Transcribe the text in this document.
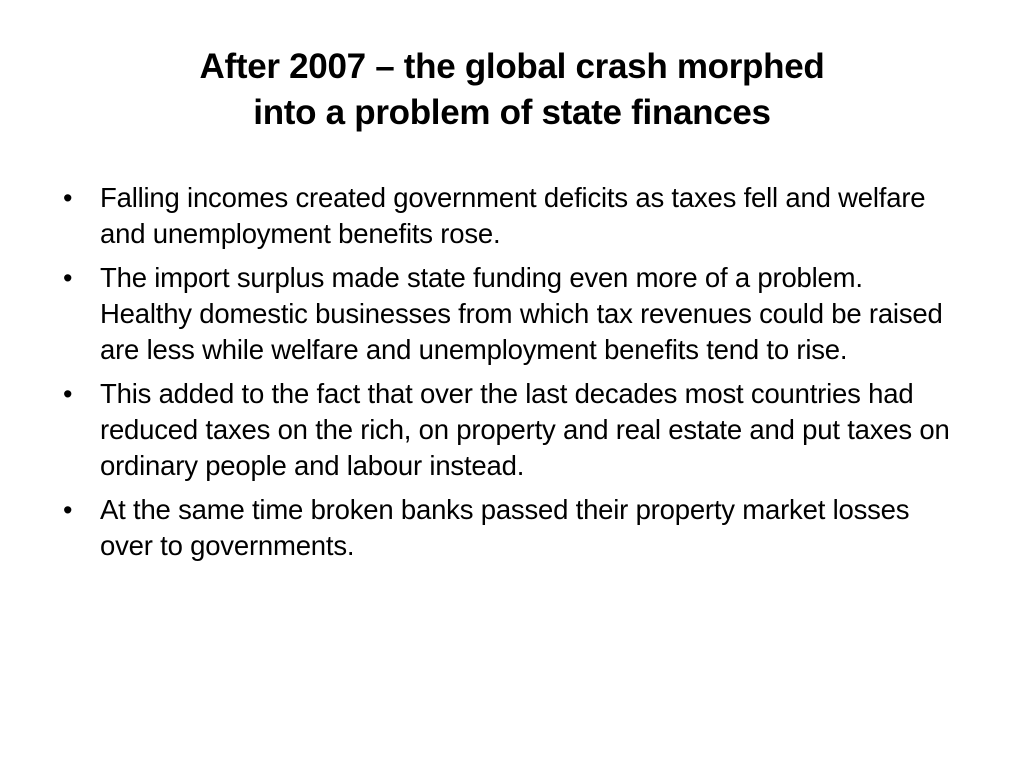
After 2007 – the global crash morphed
into a problem of state finances
• Falling incomes created government deficits as taxes fell and welfare and unemployment benefits rose.
• The import surplus made state funding even more of a problem. Healthy domestic businesses from which tax revenues could be raised are less while welfare and unemployment benefits tend to rise.
• This added to the fact that over the last decades most countries had reduced taxes on the rich, on property and real estate and put taxes on ordinary people and labour instead.
• At the same time broken banks passed their property market losses over to governments.
